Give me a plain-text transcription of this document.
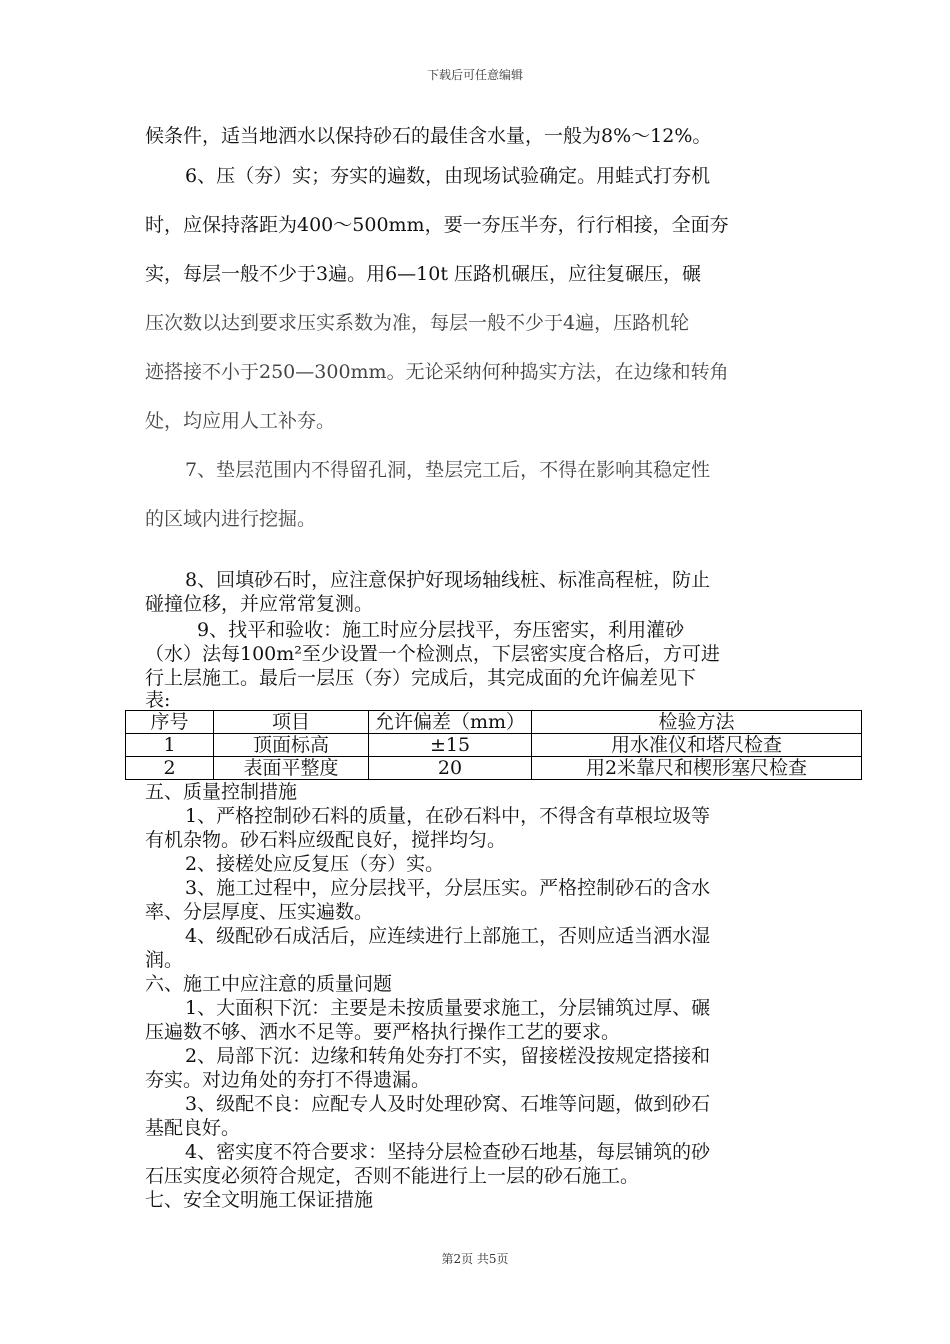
下载后可任意编辑

候条件，适当地洒水以保持砂石的最佳含水量，一般为8%～12%。

6、压（夯）实；夯实的遍数，由现场试验确定。用蛙式打夯机

时，应保持落距为400～500mm，要一夯压半夯，行行相接，全面夯

实，每层一般不少于3遍。用6—10t 压路机碾压，应往复碾压，碾

压次数以达到要求压实系数为准，每层一般不少于4遍，压路机轮

迹搭接不小于250—300mm。无论采纳何种捣实方法，在边缘和转角

处，均应用人工补夯。

7、垫层范围内不得留孔洞，垫层完工后，不得在影响其稳定性

的区域内进行挖掘。

8、回填砂石时，应注意保护好现场轴线桩、标准高程桩，防止

碰撞位移，并应常常复测。

9、找平和验收：施工时应分层找平，夯压密实，利用灌砂

（水）法每100m²至少设置一个检测点，下层密实度合格后，方可进

行上层施工。最后一层压（夯）完成后，其完成面的允许偏差见下

表:

序号	项目	允许偏差（mm）	检验方法
1	顶面标高	±15	用水准仪和塔尺检查
2	表面平整度	20	用2米靠尺和楔形塞尺检查

五、质量控制措施

1、严格控制砂石料的质量，在砂石料中，不得含有草根垃圾等

有机杂物。砂石料应级配良好，搅拌均匀。

2、接槎处应反复压（夯）实。

3、施工过程中，应分层找平，分层压实。严格控制砂石的含水

率、分层厚度、压实遍数。

4、级配砂石成活后，应连续进行上部施工，否则应适当洒水湿

润。

六、施工中应注意的质量问题

1、大面积下沉：主要是未按质量要求施工，分层铺筑过厚、碾

压遍数不够、洒水不足等。要严格执行操作工艺的要求。

2、局部下沉：边缘和转角处夯打不实，留接槎没按规定搭接和

夯实。对边角处的夯打不得遗漏。

3、级配不良：应配专人及时处理砂窝、石堆等问题，做到砂石

基配良好。

4、密实度不符合要求：坚持分层检查砂石地基，每层铺筑的砂

石压实度必须符合规定，否则不能进行上一层的砂石施工。

七、安全文明施工保证措施

第2页 共5页
